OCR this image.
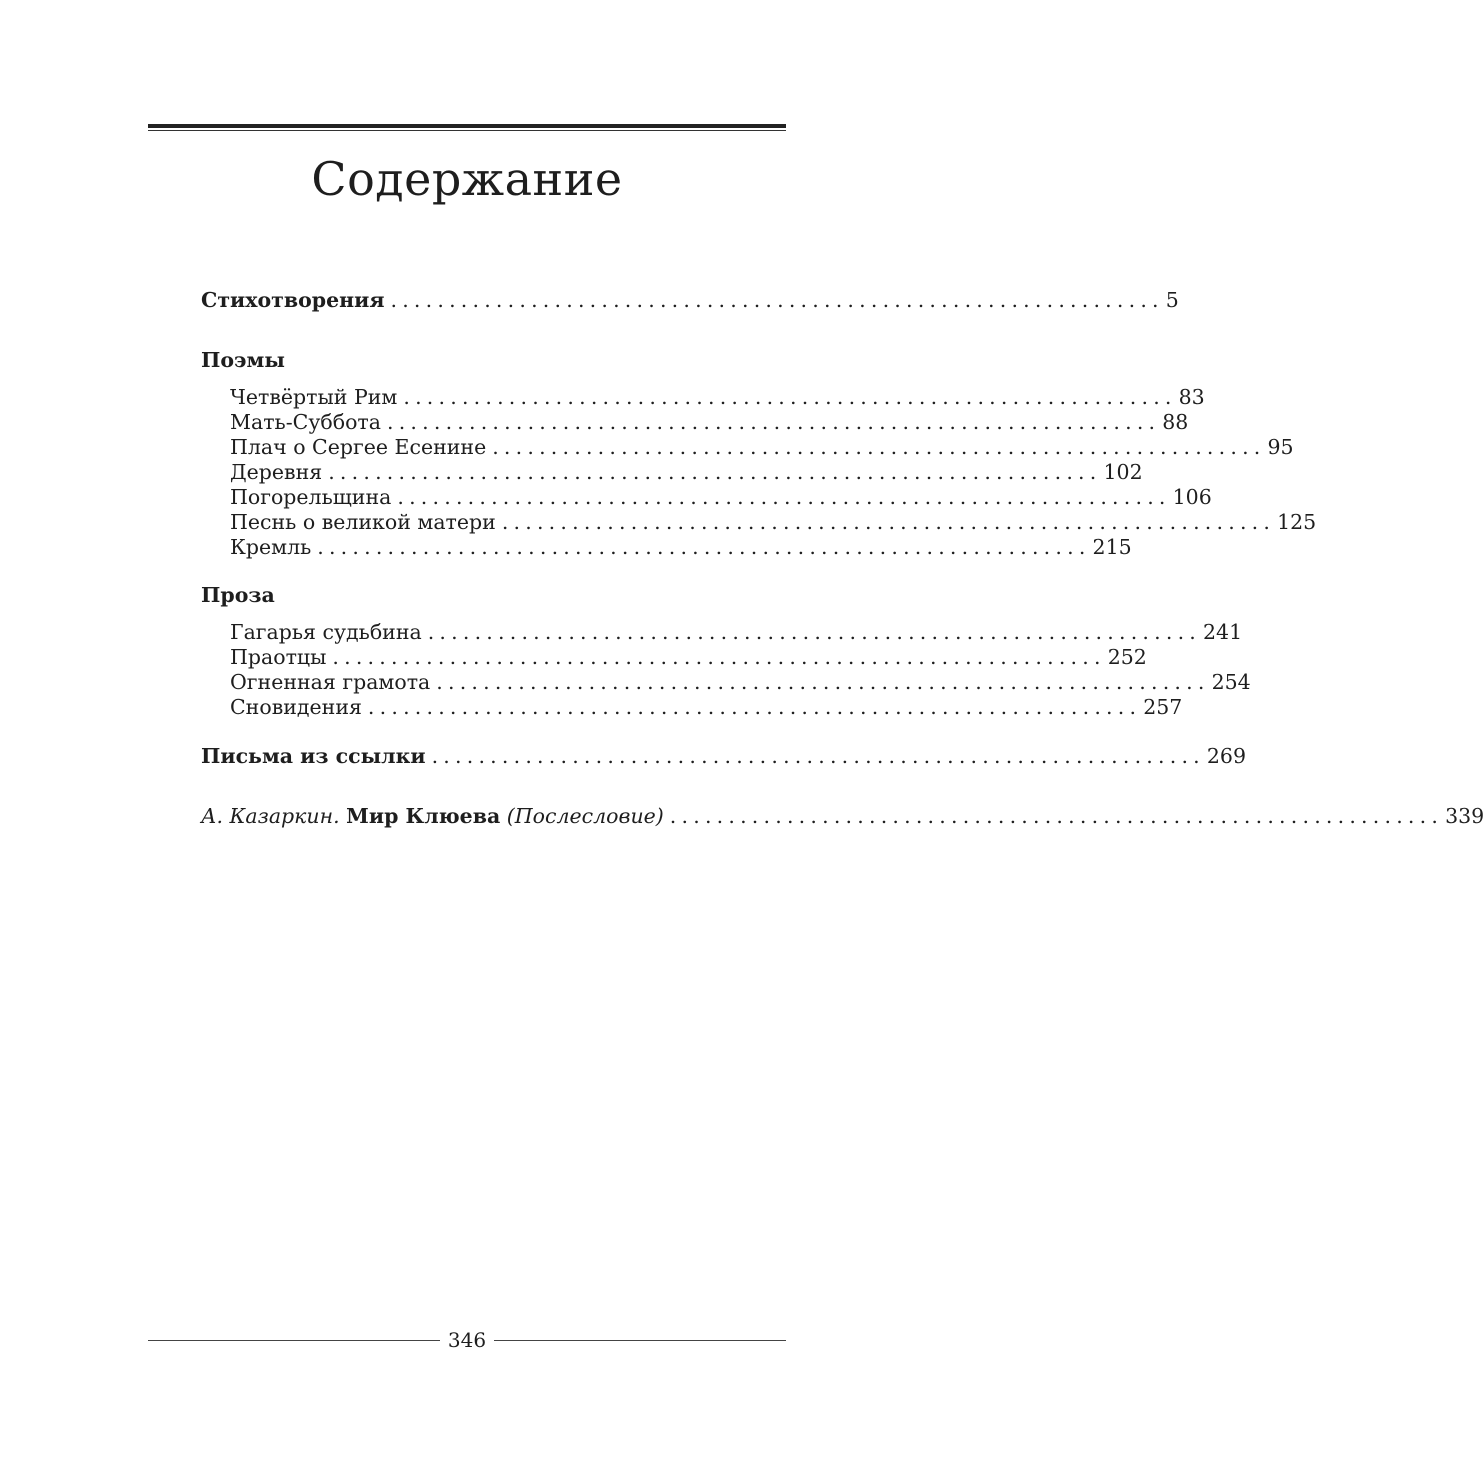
Содержание
Стихотворения .................................................................. 5
Поэмы
Четвёртый Рим .................................................................. 83
Мать-Суббота .................................................................. 88
Плач о Сергее Есенине .................................................................. 95
Деревня .................................................................. 102
Погорельщина .................................................................. 106
Песнь о великой матери .................................................................. 125
Кремль .................................................................. 215
Проза
Гагарья судьбина .................................................................. 241
Праотцы .................................................................. 252
Огненная грамота .................................................................. 254
Сновидения .................................................................. 257
Письма из ссылки .................................................................. 269
А. Казаркин. Мир Клюева (Послесловие) .................................................................. 339
346
